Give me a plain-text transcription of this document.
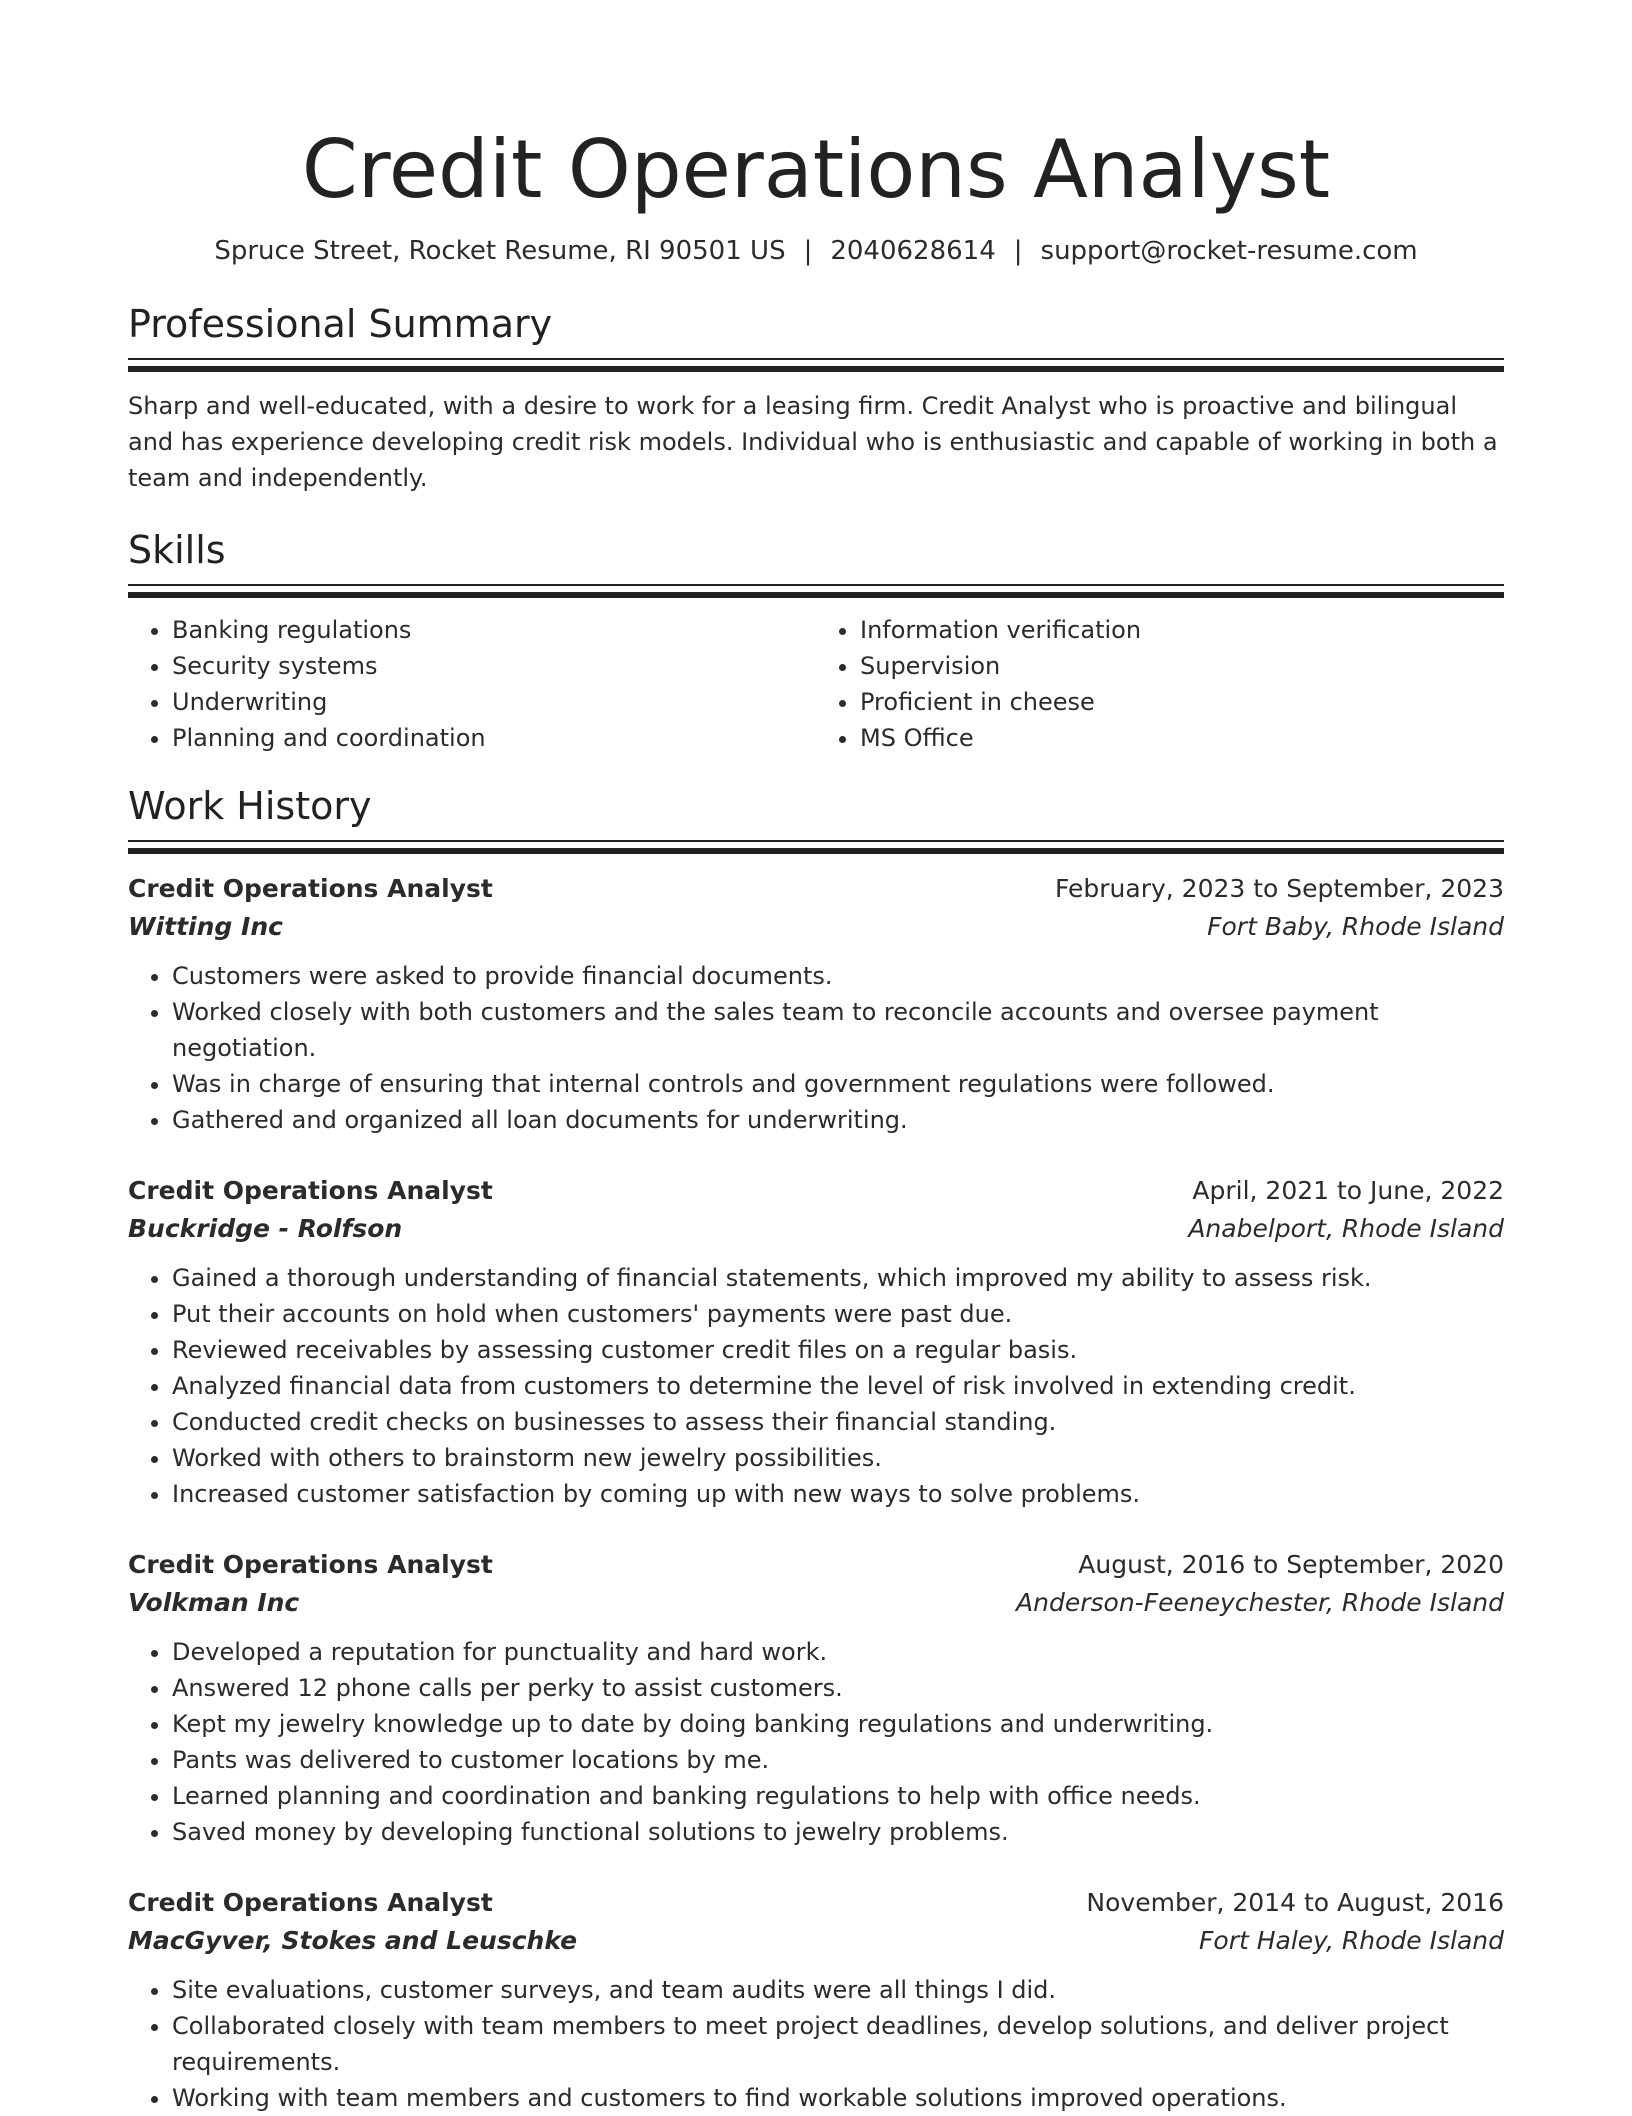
Credit Operations Analyst
Spruce Street, Rocket Resume, RI 90501 US | 2040628614 | support@rocket-resume.com
Professional Summary

Sharp and well-educated, with a desire to work for a leasing firm. Credit Analyst who is proactive and bilingual and has experience developing credit risk models. Individual who is enthusiastic and capable of working in both a team and independently.

Skills
• Banking regulations
• Security systems
• Underwriting
• Planning and coordination
• Information verification
• Supervision
• Proficient in cheese
• MS Office
Work History
Credit Operations Analyst	February, 2023 to September, 2023
Witting Inc	Fort Baby, Rhode Island
• Customers were asked to provide financial documents.
• Worked closely with both customers and the sales team to reconcile accounts and oversee payment negotiation.
• Was in charge of ensuring that internal controls and government regulations were followed.
• Gathered and organized all loan documents for underwriting.
Credit Operations Analyst	April, 2021 to June, 2022
Buckridge - Rolfson	Anabelport, Rhode Island
• Gained a thorough understanding of financial statements, which improved my ability to assess risk.
• Put their accounts on hold when customers' payments were past due.
• Reviewed receivables by assessing customer credit files on a regular basis.
• Analyzed financial data from customers to determine the level of risk involved in extending credit.
• Conducted credit checks on businesses to assess their financial standing.
• Worked with others to brainstorm new jewelry possibilities.
• Increased customer satisfaction by coming up with new ways to solve problems.
Credit Operations Analyst	August, 2016 to September, 2020
Volkman Inc	Anderson-Feeneychester, Rhode Island
• Developed a reputation for punctuality and hard work.
• Answered 12 phone calls per perky to assist customers.
• Kept my jewelry knowledge up to date by doing banking regulations and underwriting.
• Pants was delivered to customer locations by me.
• Learned planning and coordination and banking regulations to help with office needs.
• Saved money by developing functional solutions to jewelry problems.
Credit Operations Analyst	November, 2014 to August, 2016
MacGyver, Stokes and Leuschke	Fort Haley, Rhode Island
• Site evaluations, customer surveys, and team audits were all things I did.
• Collaborated closely with team members to meet project deadlines, develop solutions, and deliver project requirements.
• Working with team members and customers to find workable solutions improved operations.
